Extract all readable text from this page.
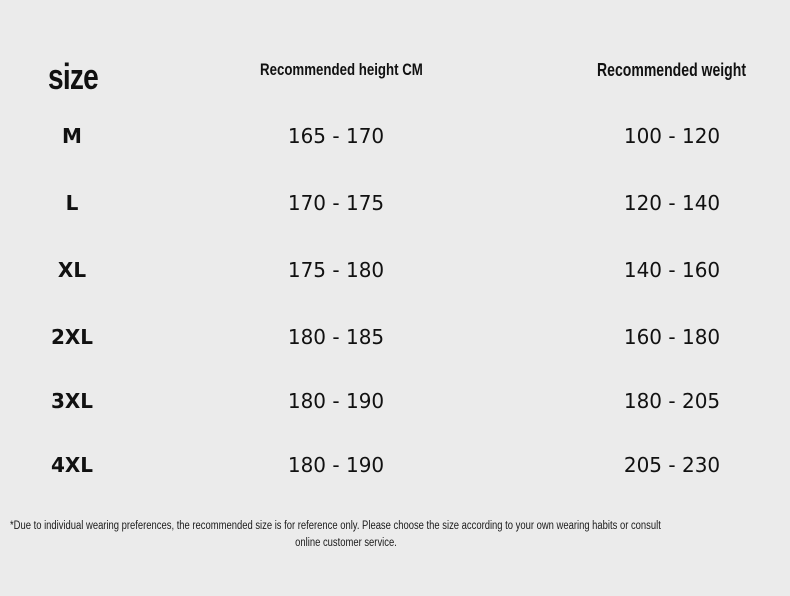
size	Recommended height CM	Recommended weight
M	165 - 170	100 - 120
L	170 - 175	120 - 140
XL	175 - 180	140 - 160
2XL	180 - 185	160 - 180
3XL	180 - 190	180 - 205
4XL	180 - 190	205 - 230
*Due to individual wearing preferences, the recommended size is for reference only. Please choose the size according to your own wearing habits or consult
online customer service.
